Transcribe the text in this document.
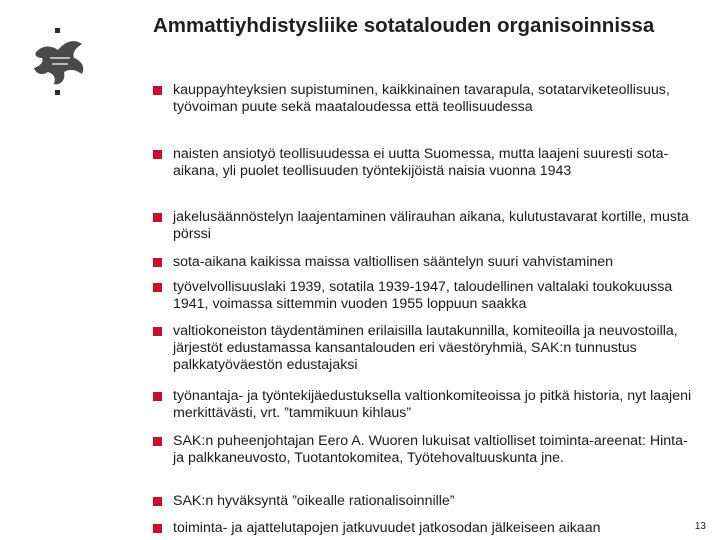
Ammattiyhdistysliike sotatalouden organisoinnissa
kauppayhteyksien supistuminen, kaikkinainen tavarapula, sotatarviketeollisuus, työvoiman puute sekä maataloudessa että teollisuudessa
naisten ansiotyö teollisuudessa ei uutta Suomessa, mutta laajeni suuresti sota-aikana, yli puolet teollisuuden työntekijöistä naisia vuonna 1943
jakelusäännöstelyn laajentaminen välirauhan aikana, kulutustavarat kortille, musta pörssi
sota-aikana kaikissa maissa valtiollisen sääntelyn suuri vahvistaminen
työvelvollisuuslaki 1939, sotatila 1939-1947, taloudellinen valtalaki toukokuussa 1941, voimassa sittemmin vuoden 1955 loppuun saakka
valtiokoneiston täydentäminen erilaisilla lautakunnilla, komiteoilla ja neuvostoilla, järjestöt edustamassa kansantalouden eri väestöryhmiä, SAK:n tunnustus palkkatyöväestön edustajaksi
työnantaja- ja työntekijäedustuksella valtionkomiteoissa jo pitkä historia, nyt laajeni merkittävästi, vrt. ”tammikuun kihlaus”
SAK:n puheenjohtajan Eero A. Wuoren lukuisat valtiolliset toiminta-areenat: Hinta- ja palkkaneuvosto, Tuotantokomitea, Työtehovaltuuskunta jne.
SAK:n hyväksyntä ”oikealle rationalisoinnille”
toiminta- ja ajattelutapojen jatkuvuudet jatkosodan jälkeiseen aikaan	13
